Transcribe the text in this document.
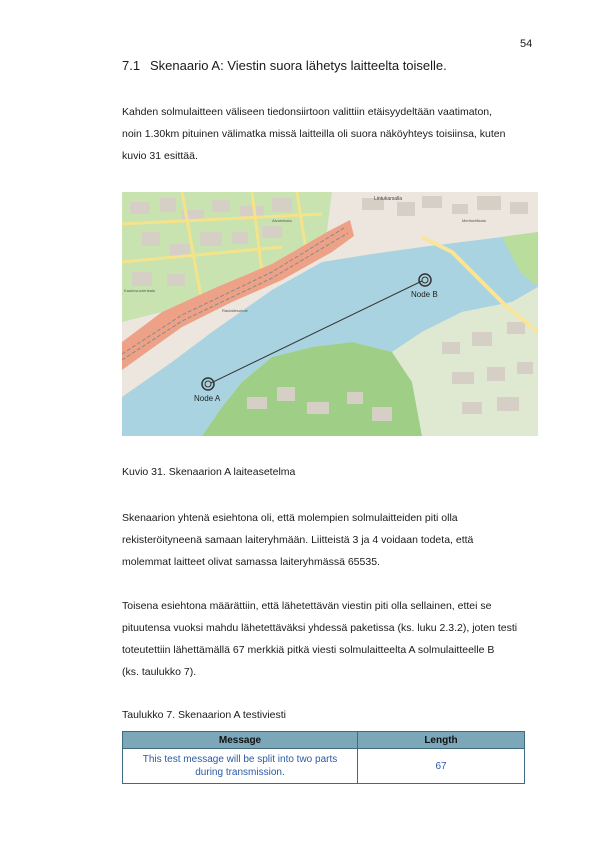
54
7.1 Skenaario A: Viestin suora lähetys laitteelta toiselle.

Kahden solmulaitteen väliseen tiedonsiirtoon valittiin etäisyydeltään vaatimaton,
noin 1.30km pituinen välimatka missä laitteilla oli suora näköyhteys toisiinsa, kuten
kuvio 31 esittää.

Node A
Node B
Lintukarsalla
Kaukovuorenkatu
Alvarinkatu
Rautatiesuhde
Meritonttikatu
Kuvio 31. Skenaarion A laiteasetelma

Skenaarion yhtenä esiehtona oli, että molempien solmulaitteiden piti olla
rekisteröityneenä samaan laiteryhmään. Liitteistä 3 ja 4 voidaan todeta, että
molemmat laitteet olivat samassa laiteryhmässä 65535.

Toisena esiehtona määrättiin, että lähetettävän viestin piti olla sellainen, ettei se
pituutensa vuoksi mahdu lähetettäväksi yhdessä paketissa (ks. luku 2.3.2), joten testi
toteutettiin lähettämällä 67 merkkiä pitkä viesti solmulaitteelta A solmulaitteelle B
(ks. taulukko 7).

Taulukko 7. Skenaarion A testiviesti
Message	Length
This test message will be split into two parts during transmission.	67
